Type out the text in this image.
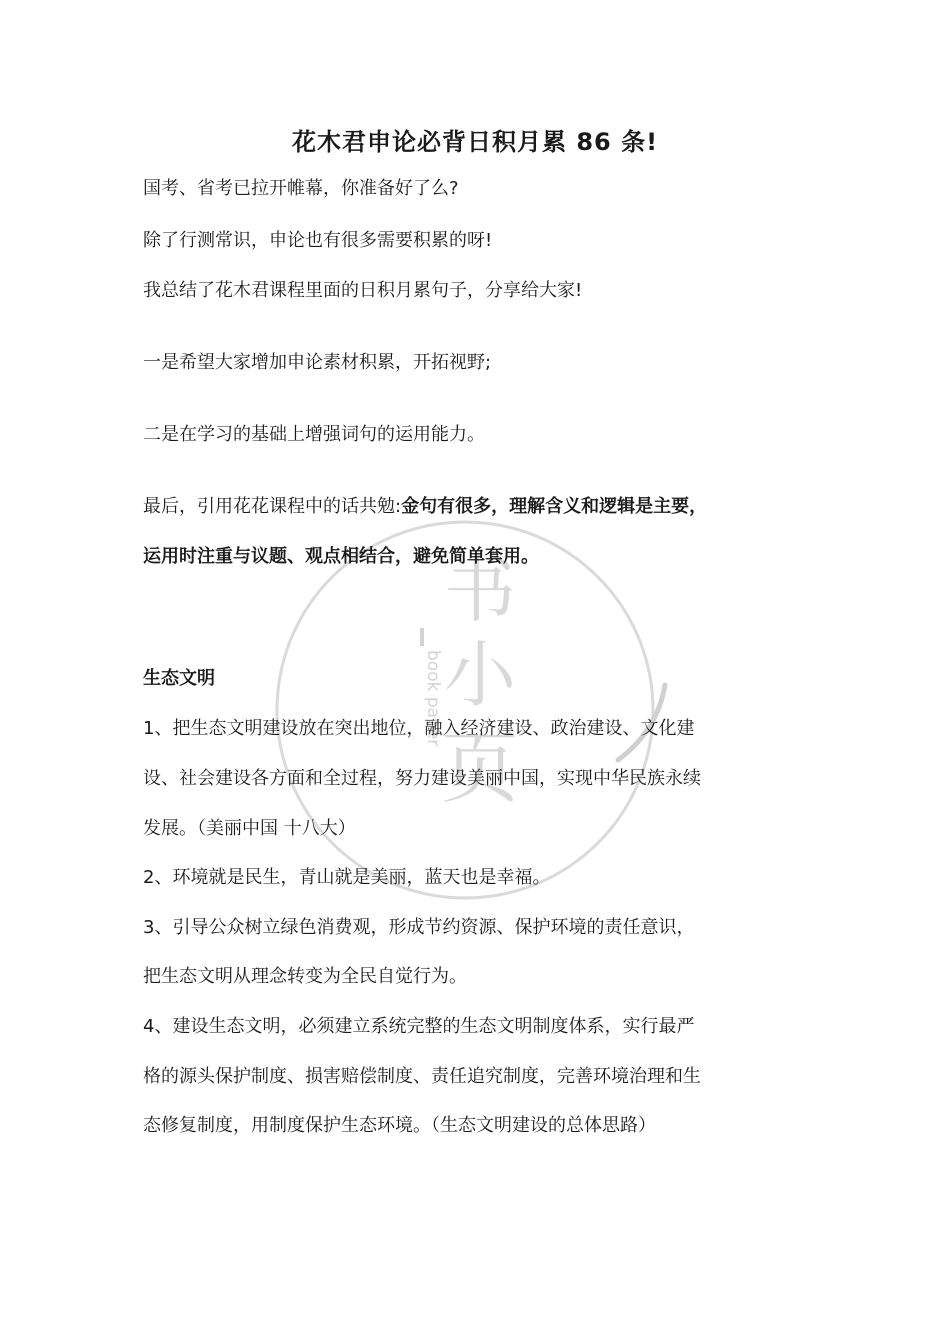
书
小
页
book paper
花木君申论必背日积月累 86 条!
国考、省考已拉开帷幕，你准备好了么?
除了行测常识，申论也有很多需要积累的呀!
我总结了花木君课程里面的日积月累句子，分享给大家!
一是希望大家增加申论素材积累，开拓视野;
二是在学习的基础上增强词句的运用能力。
最后，引用花花课程中的话共勉:金句有很多，理解含义和逻辑是主要，
运用时注重与议题、观点相结合，避免简单套用。
生态文明
1、把生态文明建设放在突出地位，融入经济建设、政治建设、文化建
设、社会建设各方面和全过程，努力建设美丽中国，实现中华民族永续
发展。（美丽中国 十八大）
2、环境就是民生，青山就是美丽，蓝天也是幸福。
3、引导公众树立绿色消费观，形成节约资源、保护环境的责任意识，
把生态文明从理念转变为全民自觉行为。
4、建设生态文明，必须建立系统完整的生态文明制度体系，实行最严
格的源头保护制度、损害赔偿制度、责任追究制度，完善环境治理和生
态修复制度，用制度保护生态环境。（生态文明建设的总体思路）
